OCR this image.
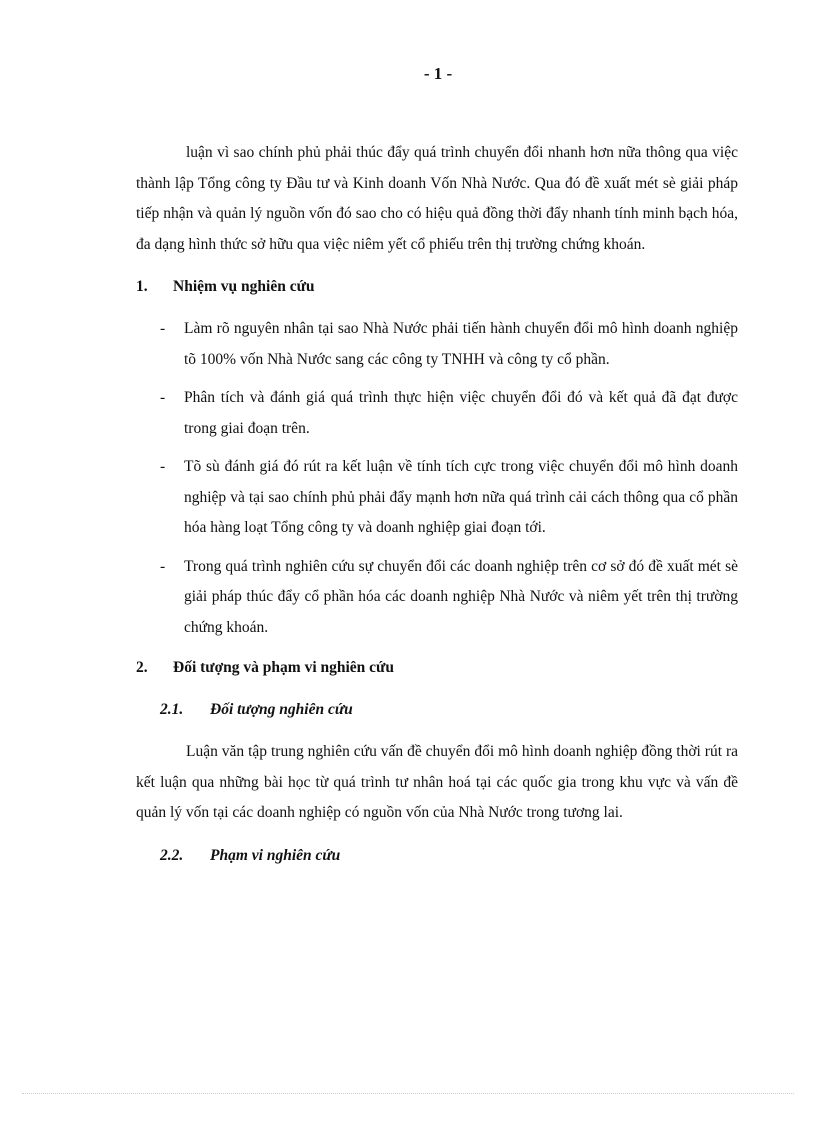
- 1 -

luận vì sao chính phủ phải thúc đẩy quá trình chuyển đổi nhanh hơn nữa thông qua việc thành lập Tổng công ty Đầu tư và Kinh doanh Vốn Nhà Nước. Qua đó đề xuất mét sè giải pháp tiếp nhận và quản lý nguồn vốn đó sao cho có hiệu quả đồng thời đẩy nhanh tính minh bạch hóa, đa dạng hình thức sở hữu qua việc niêm yết cổ phiếu trên thị trường chứng khoán.

1.	Nhiệm vụ nghiên cứu
-	Làm rõ nguyên nhân tại sao Nhà Nước phải tiến hành chuyển đổi mô hình doanh nghiệp tõ 100% vốn Nhà Nước sang các công ty TNHH và công ty cổ phần.
-	Phân tích và đánh giá quá trình thực hiện việc chuyển đổi đó và kết quả đã đạt được trong giai đoạn trên.
-	Tõ sù đánh giá đó rút ra kết luận về tính tích cực trong việc chuyển đổi mô hình doanh nghiệp và tại sao chính phủ phải đẩy mạnh hơn nữa quá trình cải cách thông qua cổ phần hóa hàng loạt Tổng công ty và doanh nghiệp giai đoạn tới.
-	Trong quá trình nghiên cứu sự chuyển đổi các doanh nghiệp trên cơ sở đó đề xuất mét sè giải pháp thúc đẩy cổ phần hóa các doanh nghiệp Nhà Nước và niêm yết trên thị trường chứng khoán.
2.	Đối tượng và phạm vi nghiên cứu
2.1.	Đối tượng nghiên cứu

Luận văn tập trung nghiên cứu vấn đề chuyển đổi mô hình doanh nghiệp đồng thời rút ra kết luận qua những bài học từ quá trình tư nhân hoá tại các quốc gia trong khu vực và vấn đề quản lý vốn tại các doanh nghiệp có nguồn vốn của Nhà Nước trong tương lai.

2.2.	Phạm vi nghiên cứu
